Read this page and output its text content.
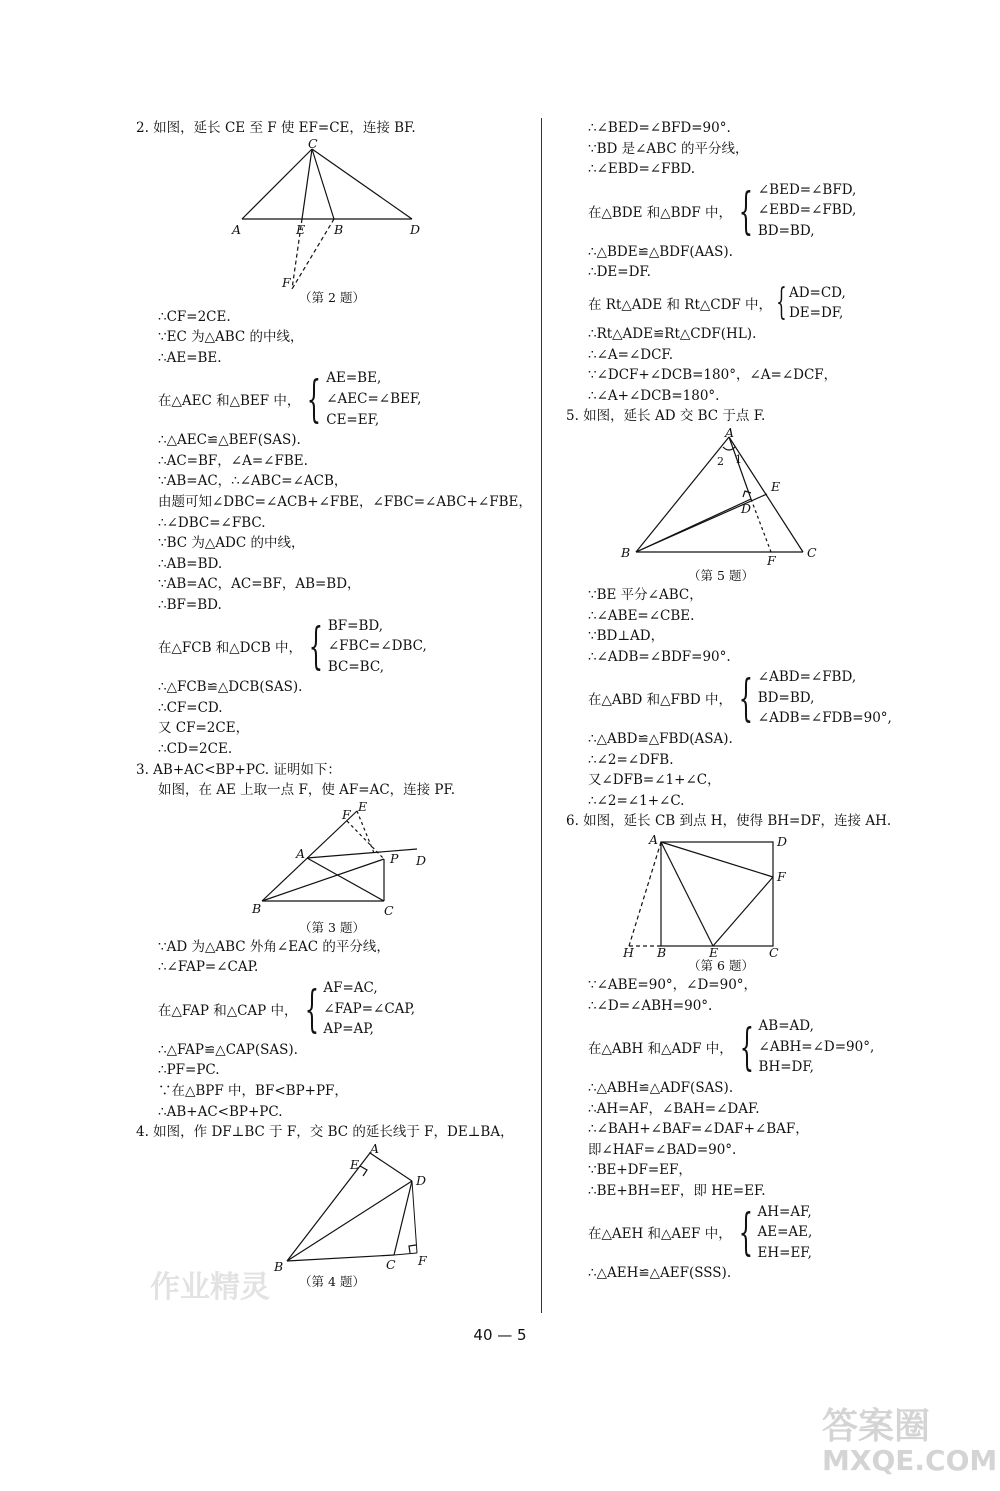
2. 如图，延长 CE 至 F 使 EF=CE，连接 BF.
C
A	E B	D
F
（第 2 题）
∴CF=2CE.
∵EC 为△ABC 的中线，
∴AE=BE.
在△AEC 和△BEF 中， { AE=BE,
∠AEC=∠BEF,
CE=EF,
∴△AEC≌△BEF(SAS).
∴AC=BF，∠A=∠FBE.
∵AB=AC，∴∠ABC=∠ACB，
由题可知∠DBC=∠ACB+∠FBE，∠FBC=∠ABC+∠FBE，
∴∠DBC=∠FBC.
∵BC 为△ADC 的中线，
∴AB=BD.
∵AB=AC，AC=BF，AB=BD，
∴BF=BD.
在△FCB 和△DCB 中， { BF=BD,
∠FBC=∠DBC,
BC=BC,
∴△FCB≌△DCB(SAS).
∴CF=CD.
又 CF=2CE，
∴CD=2CE.
3. AB+AC<BP+PC. 证明如下：
如图，在 AE 上取一点 F，使 AF=AC，连接 PF.
B	C
A	P D
F
E
（第 3 题）
∵AD 为△ABC 外角∠EAC 的平分线，
∴∠FAP=∠CAP.
在△FAP 和△CAP 中， { AF=AC,
∠FAP=∠CAP,
AP=AP,
∴△FAP≌△CAP(SAS).
∴PF=PC.
∵在△BPF 中，BF<BP+PF，
∴AB+AC<BP+PC.
4. 如图，作 DF⊥BC 于 F，交 BC 的延长线于 F，DE⊥BA，
A
E
D
B	C F
（第 4 题）
∴∠BED=∠BFD=90°.
∵BD 是∠ABC 的平分线，
∴∠EBD=∠FBD.
在△BDE 和△BDF 中， { ∠BED=∠BFD,
∠EBD=∠FBD,
BD=BD,
∴△BDE≌△BDF(AAS).
∴DE=DF.
在 Rt△ADE 和 Rt△CDF 中， { AD=CD,
DE=DF,
∴Rt△ADE≌Rt△CDF(HL).
∴∠A=∠DCF.
∵∠DCF+∠DCB=180°，∠A=∠DCF，
∴∠A+∠DCB=180°.
5. 如图，延长 AD 交 BC 于点 F.
A
2 1
E
D
B
F
C
（第 5 题）
∵BE 平分∠ABC，
∴∠ABE=∠CBE.
∵BD⊥AD，
∴∠ADB=∠BDF=90°.
在△ABD 和△FBD 中， { ∠ABD=∠FBD,
BD=BD,
∠ADB=∠FDB=90°,
∴△ABD≌△FBD(ASA).
∴∠2=∠DFB.
又∠DFB=∠1+∠C，
∴∠2=∠1+∠C.
6. 如图，延长 CB 到点 H，使得 BH=DF，连接 AH.
A	D
F
H B	E	C
（第 6 题）
∵∠ABE=90°，∠D=90°，
∴∠D=∠ABH=90°.
在△ABH 和△ADF 中， { AB=AD,
∠ABH=∠D=90°,
BH=DF,
∴△ABH≌△ADF(SAS).
∴AH=AF，∠BAH=∠DAF.
∴∠BAH+∠BAF=∠DAF+∠BAF，
即∠HAF=∠BAD=90°.
∵BE+DF=EF，
∴BE+BH=EF，即 HE=EF.
在△AEH 和△AEF 中， { AH=AF,
AE=AE,
EH=EF,
∴△AEH≌△AEF(SSS).
40 — 5
作业精灵
答案圈
MXQE.COM
